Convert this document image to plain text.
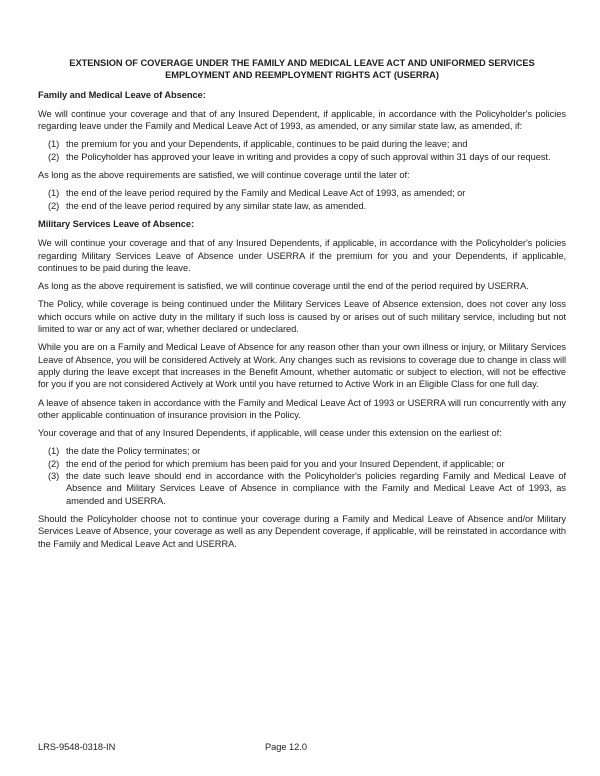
EXTENSION OF COVERAGE UNDER THE FAMILY AND MEDICAL LEAVE ACT AND UNIFORMED SERVICES
EMPLOYMENT AND REEMPLOYMENT RIGHTS ACT (USERRA)
Family and Medical Leave of Absence:

We will continue your coverage and that of any Insured Dependent, if applicable, in accordance with the Policyholder's policies regarding leave under the Family and Medical Leave Act of 1993, as amended, or any similar state law, as amended, if:

(1) the premium for you and your Dependents, if applicable, continues to be paid during the leave; and
(2) the Policyholder has approved your leave in writing and provides a copy of such approval within 31 days of our request.

As long as the above requirements are satisfied, we will continue coverage until the later of:

(1) the end of the leave period required by the Family and Medical Leave Act of 1993, as amended; or
(2) the end of the leave period required by any similar state law, as amended.
Military Services Leave of Absence:

We will continue your coverage and that of any Insured Dependents, if applicable, in accordance with the Policyholder's policies regarding Military Services Leave of Absence under USERRA if the premium for you and your Dependents, if applicable, continues to be paid during the leave.

As long as the above requirement is satisfied, we will continue coverage until the end of the period required by USERRA.

The Policy, while coverage is being continued under the Military Services Leave of Absence extension, does not cover any loss which occurs while on active duty in the military if such loss is caused by or arises out of such military service, including but not limited to war or any act of war, whether declared or undeclared.

While you are on a Family and Medical Leave of Absence for any reason other than your own illness or injury, or Military Services Leave of Absence, you will be considered Actively at Work. Any changes such as revisions to coverage due to change in class will apply during the leave except that increases in the Benefit Amount, whether automatic or subject to election, will not be effective for you if you are not considered Actively at Work until you have returned to Active Work in an Eligible Class for one full day.

A leave of absence taken in accordance with the Family and Medical Leave Act of 1993 or USERRA will run concurrently with any other applicable continuation of insurance provision in the Policy.

Your coverage and that of any Insured Dependents, if applicable, will cease under this extension on the earliest of:

(1) the date the Policy terminates; or
(2) the end of the period for which premium has been paid for you and your Insured Dependent, if applicable; or
(3) the date such leave should end in accordance with the Policyholder's policies regarding Family and Medical Leave of Absence and Military Services Leave of Absence in compliance with the Family and Medical Leave Act of 1993, as amended and USERRA.

Should the Policyholder choose not to continue your coverage during a Family and Medical Leave of Absence and/or Military Services Leave of Absence, your coverage as well as any Dependent coverage, if applicable, will be reinstated in accordance with the Family and Medical Leave Act and USERRA.

LRS-9548-0318-IN	Page 12.0
